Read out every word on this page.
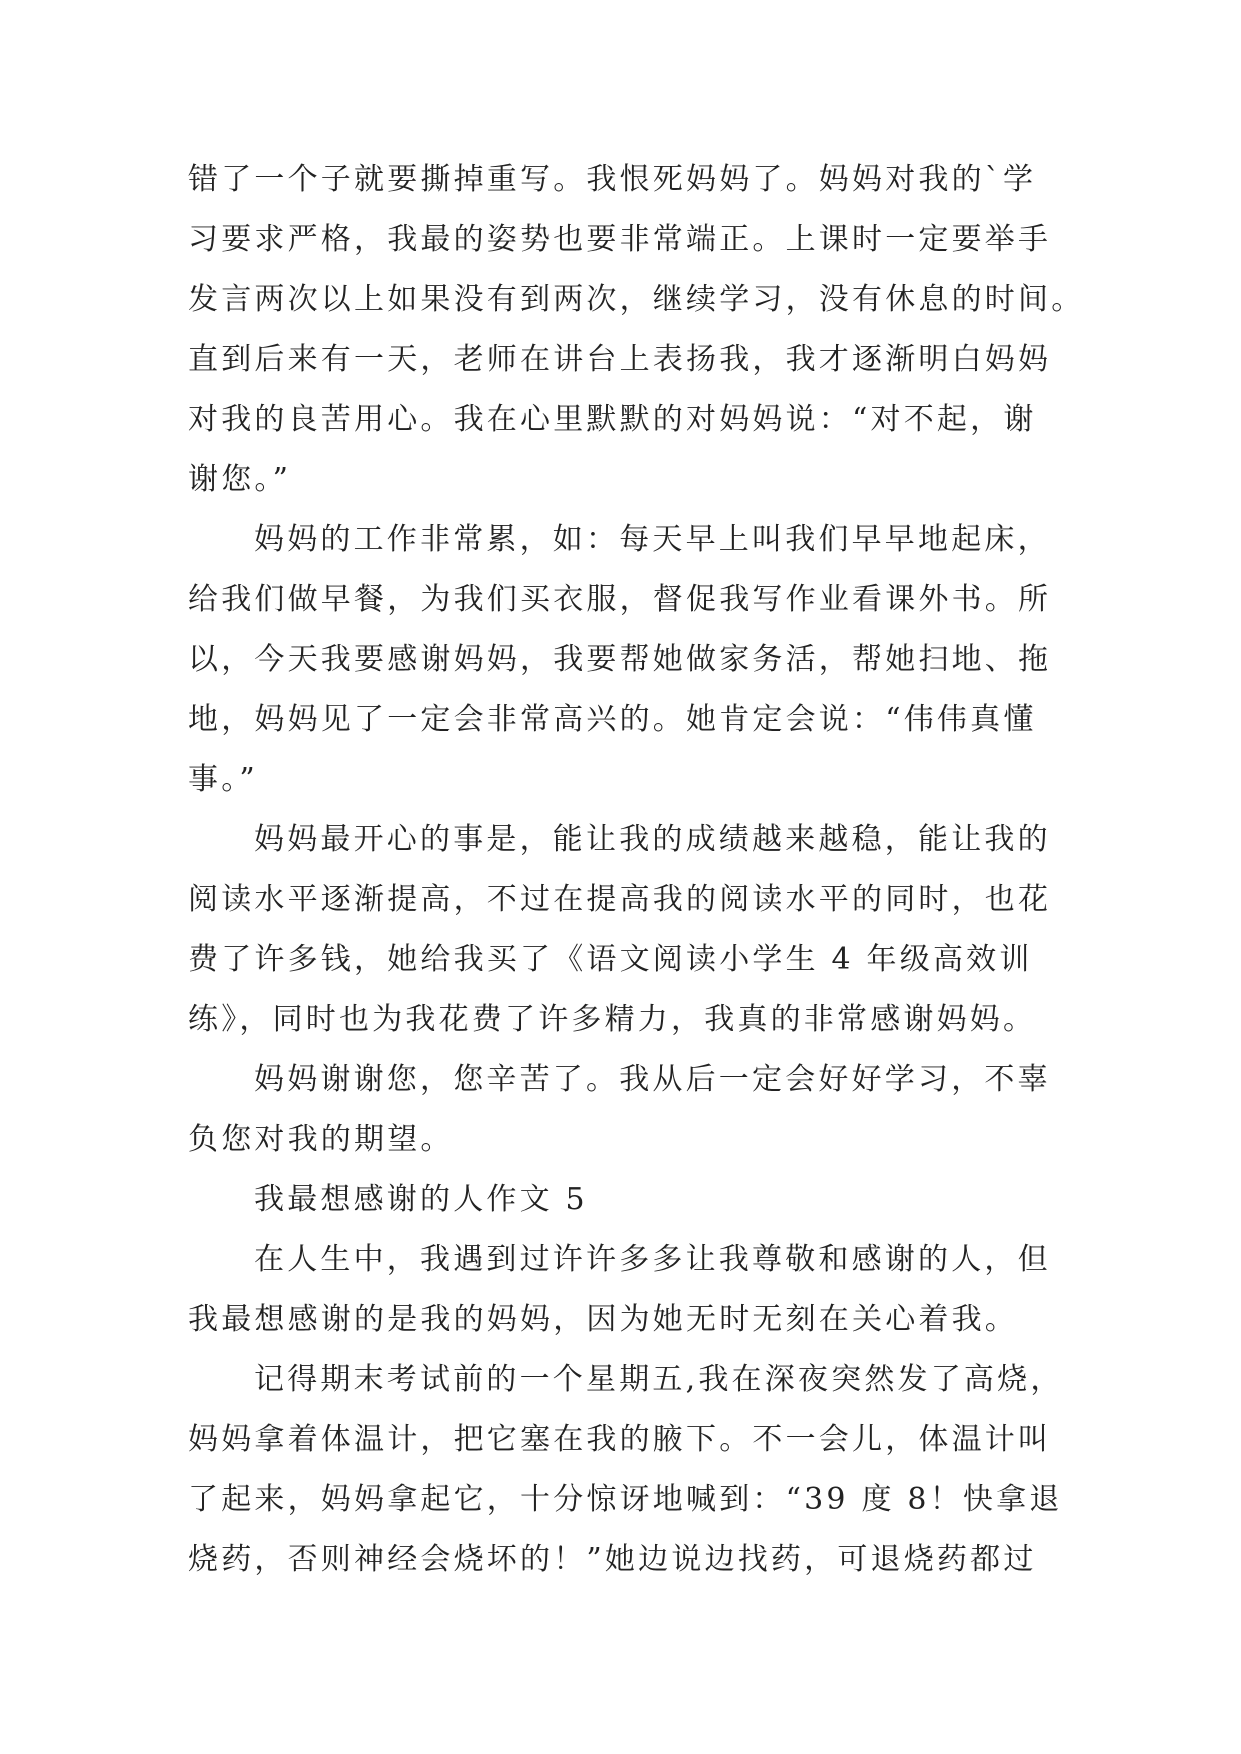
错了一个子就要撕掉重写。我恨死妈妈了。妈妈对我的`学
习要求严格，我最的姿势也要非常端正。上课时一定要举手
发言两次以上如果没有到两次，继续学习，没有休息的时间。
直到后来有一天，老师在讲台上表扬我，我才逐渐明白妈妈
对我的良苦用心。我在心里默默的对妈妈说：“对不起，谢
谢您。”
妈妈的工作非常累，如：每天早上叫我们早早地起床，
给我们做早餐，为我们买衣服，督促我写作业看课外书。所
以，今天我要感谢妈妈，我要帮她做家务活，帮她扫地、拖
地，妈妈见了一定会非常高兴的。她肯定会说：“伟伟真懂
事。”
妈妈最开心的事是，能让我的成绩越来越稳，能让我的
阅读水平逐渐提高，不过在提高我的阅读水平的同时，也花
费了许多钱，她给我买了《语文阅读小学生 4 年级高效训
练》，同时也为我花费了许多精力，我真的非常感谢妈妈。
妈妈谢谢您，您辛苦了。我从后一定会好好学习，不辜
负您对我的期望。
我最想感谢的人作文 5
在人生中，我遇到过许许多多让我尊敬和感谢的人，但
我最想感谢的是我的妈妈，因为她无时无刻在关心着我。
记得期末考试前的一个星期五,我在深夜突然发了高烧，
妈妈拿着体温计，把它塞在我的腋下。不一会儿，体温计叫
了起来，妈妈拿起它，十分惊讶地喊到：“39 度 8！快拿退
烧药，否则神经会烧坏的！”她边说边找药，可退烧药都过
